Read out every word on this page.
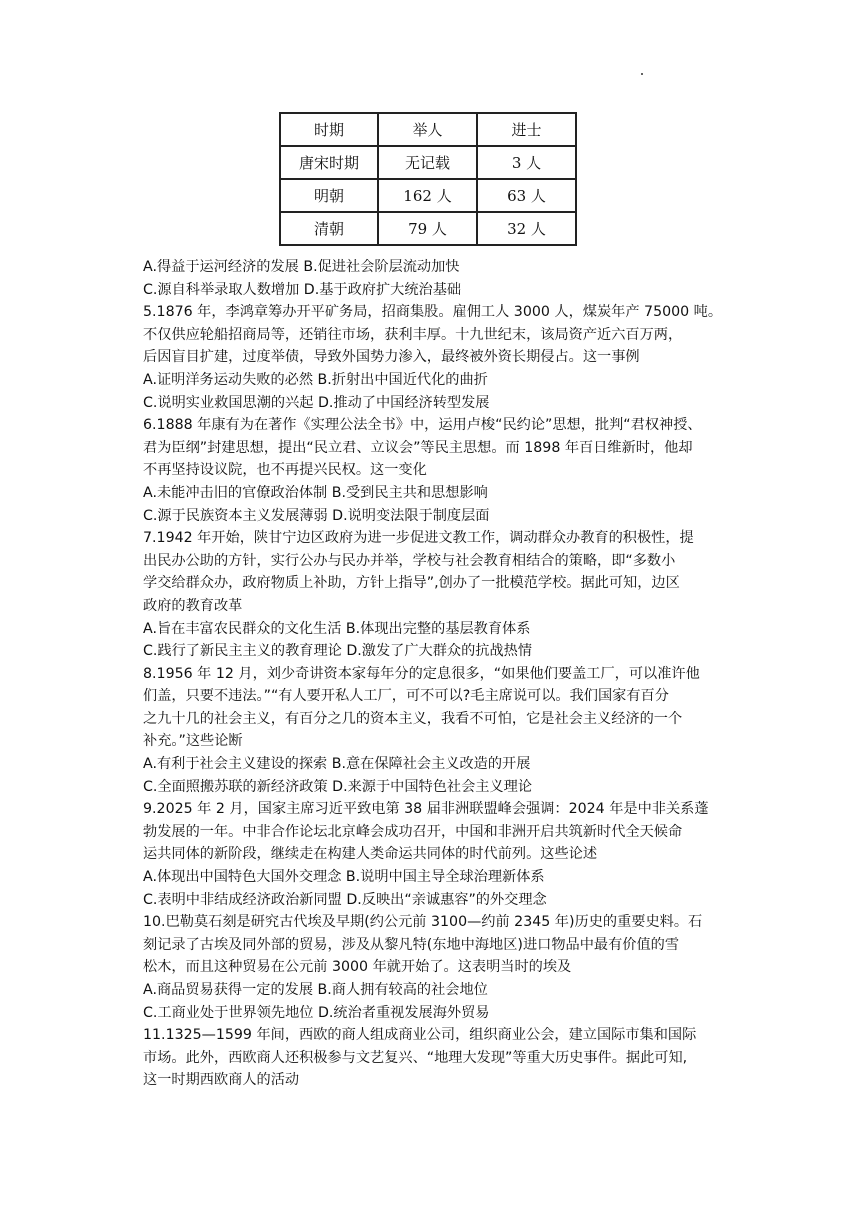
时期	举人	进士
唐宋时期	无记载	3 人
明朝	162 人	63 人
清朝	79 人	32 人
A.得益于运河经济的发展 B.促进社会阶层流动加快
C.源自科举录取人数增加 D.基于政府扩大统治基础
5.1876 年，李鸿章筹办开平矿务局，招商集股。雇佣工人 3000 人，煤炭年产 75000 吨。
不仅供应轮船招商局等，还销往市场，获利丰厚。十九世纪末，该局资产近六百万两，
后因盲目扩建，过度举债，导致外国势力渗入，最终被外资长期侵占。这一事例
A.证明洋务运动失败的必然 B.折射出中国近代化的曲折
C.说明实业救国思潮的兴起 D.推动了中国经济转型发展
6.1888 年康有为在著作《实理公法全书》中，运用卢梭“民约论”思想，批判“君权神授、
君为臣纲”封建思想，提出“民立君、立议会”等民主思想。而 1898 年百日维新时，他却
不再坚持设议院，也不再提兴民权。这一变化
A.未能冲击旧的官僚政治体制 B.受到民主共和思想影响
C.源于民族资本主义发展薄弱 D.说明变法限于制度层面
7.1942 年开始，陕甘宁边区政府为进一步促进文教工作，调动群众办教育的积极性，提
出民办公助的方针，实行公办与民办并举，学校与社会教育相结合的策略，即“多数小
学交给群众办，政府物质上补助，方针上指导”,创办了一批模范学校。据此可知，边区
政府的教育改革
A.旨在丰富农民群众的文化生活 B.体现出完整的基层教育体系
C.践行了新民主主义的教育理论 D.激发了广大群众的抗战热情
8.1956 年 12 月，刘少奇讲资本家每年分的定息很多，“如果他们要盖工厂，可以准许他
们盖，只要不违法。”“有人要开私人工厂，可不可以?毛主席说可以。我们国家有百分
之九十几的社会主义，有百分之几的资本主义，我看不可怕，它是社会主义经济的一个
补充。”这些论断
A.有利于社会主义建设的探索 B.意在保障社会主义改造的开展
C.全面照搬苏联的新经济政策 D.来源于中国特色社会主义理论
9.2025 年 2 月，国家主席习近平致电第 38 届非洲联盟峰会强调：2024 年是中非关系蓬
勃发展的一年。中非合作论坛北京峰会成功召开，中国和非洲开启共筑新时代全天候命
运共同体的新阶段，继续走在构建人类命运共同体的时代前列。这些论述
A.体现出中国特色大国外交理念 B.说明中国主导全球治理新体系
C.表明中非结成经济政治新同盟 D.反映出“亲诚惠容”的外交理念
10.巴勒莫石刻是研究古代埃及早期(约公元前 3100—约前 2345 年)历史的重要史料。石
刻记录了古埃及同外部的贸易，涉及从黎凡特(东地中海地区)进口物品中最有价值的雪
松木，而且这种贸易在公元前 3000 年就开始了。这表明当时的埃及
A.商品贸易获得一定的发展 B.商人拥有较高的社会地位
C.工商业处于世界领先地位 D.统治者重视发展海外贸易
11.1325—1599 年间，西欧的商人组成商业公司，组织商业公会，建立国际市集和国际
市场。此外，西欧商人还积极参与文艺复兴、“地理大发现”等重大历史事件。据此可知,
这一时期西欧商人的活动
